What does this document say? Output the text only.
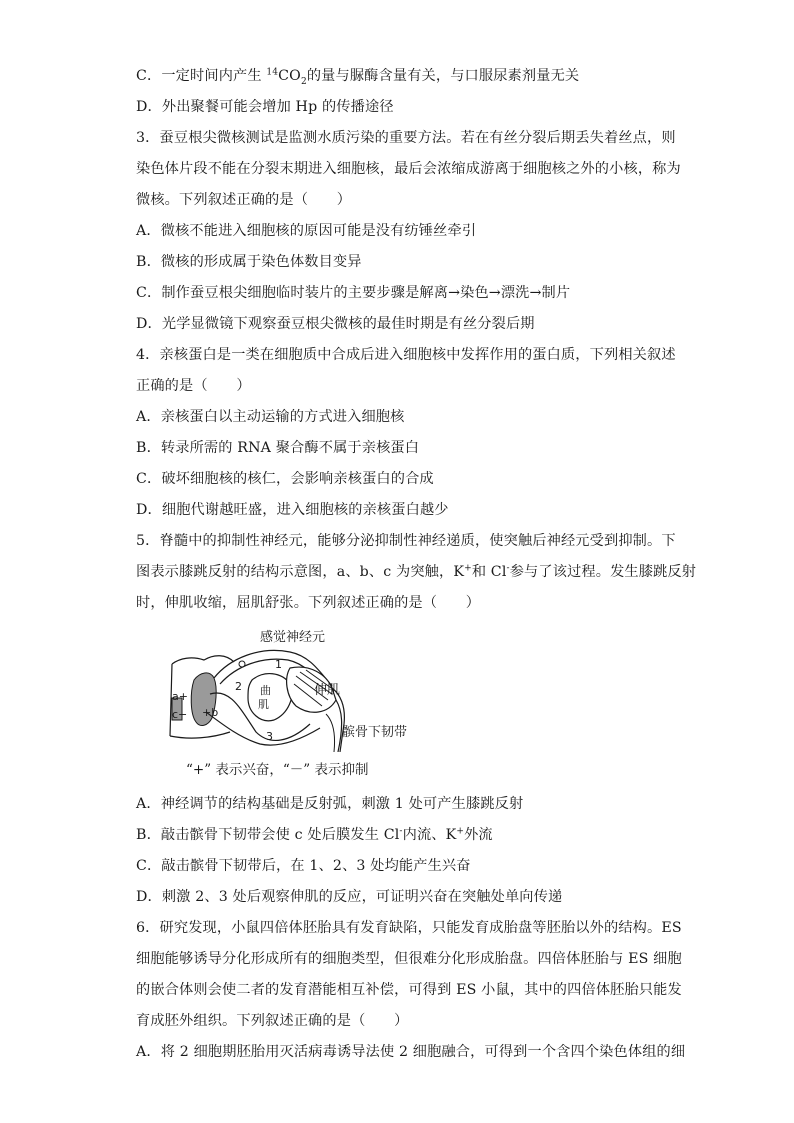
C．一定时间内产生 $^{14}CO_2$的量与脲酶含量有关，与口服尿素剂量无关
D．外出聚餐可能会增加 Hp 的传播途径
3．蚕豆根尖微核测试是监测水质污染的重要方法。若在有丝分裂后期丢失着丝点，则
染色体片段不能在分裂末期进入细胞核，最后会浓缩成游离于细胞核之外的小核，称为
微核。下列叙述正确的是（　　）
A．微核不能进入细胞核的原因可能是没有纺锤丝牵引
B．微核的形成属于染色体数目变异
C．制作蚕豆根尖细胞临时装片的主要步骤是解离→染色→漂洗→制片
D．光学显微镜下观察蚕豆根尖微核的最佳时期是有丝分裂后期
4．亲核蛋白是一类在细胞质中合成后进入细胞核中发挥作用的蛋白质，下列相关叙述
正确的是（　　）
A．亲核蛋白以主动运输的方式进入细胞核
B．转录所需的 RNA 聚合酶不属于亲核蛋白
C．破坏细胞核的核仁，会影响亲核蛋白的合成
D．细胞代谢越旺盛，进入细胞核的亲核蛋白越少
5．脊髓中的抑制性神经元，能够分泌抑制性神经递质，使突触后神经元受到抑制。下
图表示膝跳反射的结构示意图，a、b、c 为突触，K+和 Cl-参与了该过程。发生膝跳反射
时，伸肌收缩，屈肌舒张。下列叙述正确的是（　　）
感觉神经元
1
2
3
曲
肌
伸肌
髌骨下韧带
a+
+b
c−
“+” 表示兴奋，“－” 表示抑制
A．神经调节的结构基础是反射弧，刺激 1 处可产生膝跳反射
B．敲击髌骨下韧带会使 c 处后膜发生 Cl-内流、K+外流
C．敲击髌骨下韧带后，在 1、2、3 处均能产生兴奋
D．刺激 2、3 处后观察伸肌的反应，可证明兴奋在突触处单向传递
6．研究发现，小鼠四倍体胚胎具有发育缺陷，只能发育成胎盘等胚胎以外的结构。ES
细胞能够诱导分化形成所有的细胞类型，但很难分化形成胎盘。四倍体胚胎与 ES 细胞
的嵌合体则会使二者的发育潜能相互补偿，可得到 ES 小鼠，其中的四倍体胚胎只能发
育成胚外组织。下列叙述正确的是（　　）
A．将 2 细胞期胚胎用灭活病毒诱导法使 2 细胞融合，可得到一个含四个染色体组的细
